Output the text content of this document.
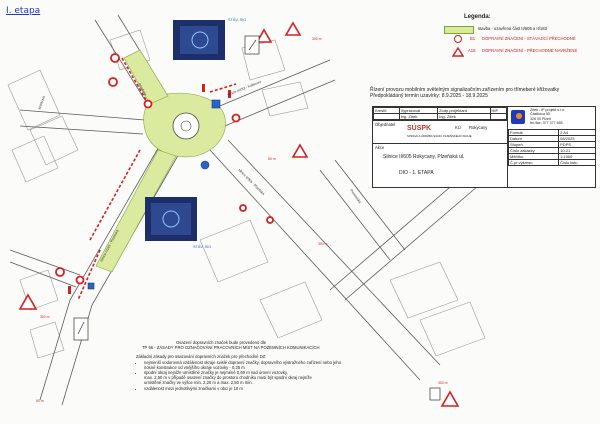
I. etapa
STÁV. SIG
STÁV. SIG
silnice II/183 - Plzeňská
Plzeňská
silnice II/605 - Plzeňská
silnice II/183 - Kollárova
Jiráskova
Pivovarská
300 m
300 m
300 m
300 m
50 m
50 m
Legenda:
stavba - uzavřená část II/605 a II/183
B1 DOPRAVNÍ ZNAČENÍ - STÁVAJÍCÍ PŘECHODNÉ
A15 DOPRAVNÍ ZNAČENÍ - PŘECHODNÉ NAVRŽENÉ
Řízení provozu mobilním světelným signalizačním zařízením pro třímeberé křižovatky
Předpokládaný termín uzavírky: 8.9.2025 - 18.9.2025
Kreslil:	Vypracoval	Zodp.projektant	HIP
	Ing. Zítek	Ing. Zítek	
Objednatel
SÚSPK
SPRÁVA A ÚDRŽBA SILNIC PLZEŇSKÉHO KRAJE
KÚ Rokycany
Akce
Silnice II/605 Rokycany, Plzeňská ul.
DIO - 1. ETAPA
Zítek - IP projekt s.r.o.
Částkova 55
326 00 Plzeň
tel./fax: 377 377 655
Formát	2 A4
Datum	08/2025
Stupeň	PDPS
Číslo zakázky	10-21
Měřítko	1:1000
Č.př.výkresu	Číslo listu

Osazení dopravních značek bude provedeno dle

TP 66 - ZÁSADY PRO OZNAČOVÁNÍ PRACOVNÍCH MÍST NA POZEMNÍCH KOMUNIKACÍCH

Základní zásady pro osazování dopravních značek pro přechodné DZ:

• nejmenší vodorovná vzdálenost okraje svislé dopravní značky, dopravního výstražného zařízení nebo jeho
nosné konstrukce od vnějšího okraje vozovky - 0,25 m
• spodní okraj nejníže umístěné značky je nejméně 0,60 m nad úrovní vozovky,
max. 2,50 m v případě osazení značky do prostoru chodníku musí být spodní okraj nejníže
umístěné značky ve výšce min. 2,20 m a max. 2,50 m min.
• vzdálenost mezi jednotlivými značkami v obci je 10 m
